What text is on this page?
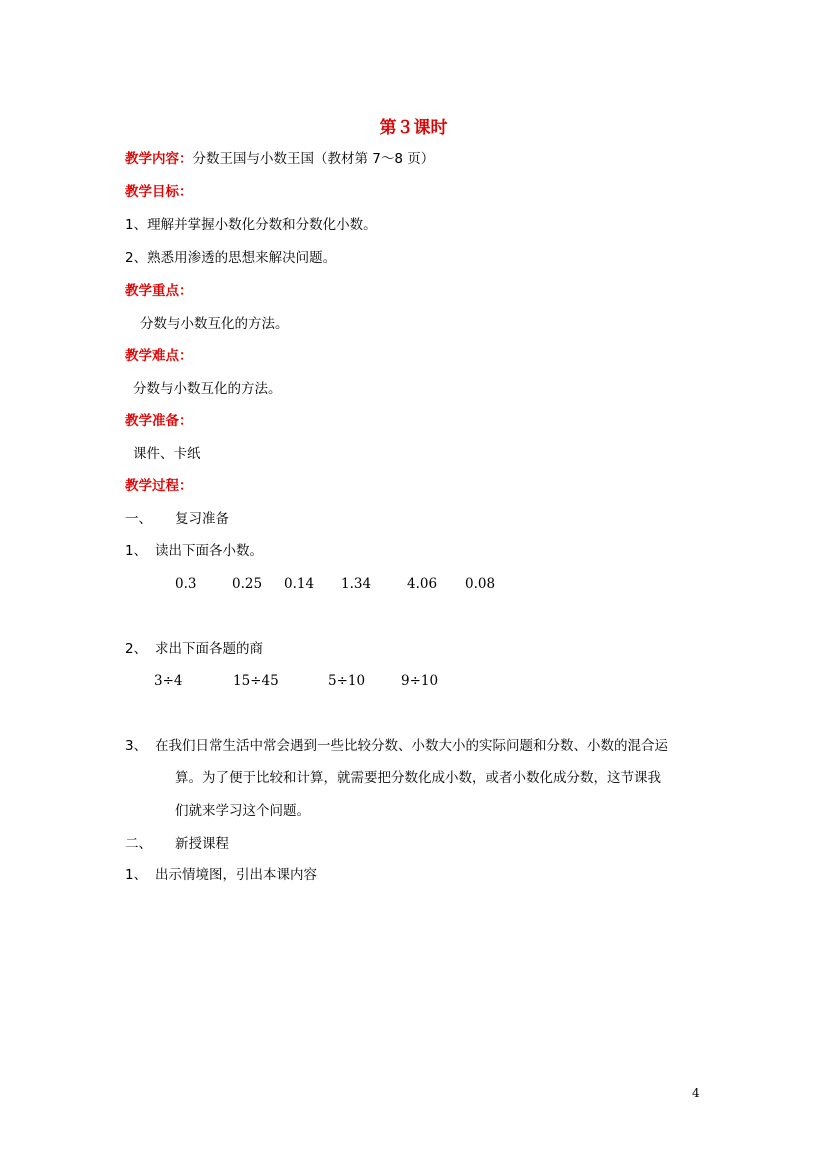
第３课时
教学内容：分数王国与小数王国（教材第 7～8 页）
教学目标：
1、理解并掌握小数化分数和分数化小数。
2、熟悉用渗透的思想来解决问题。
教学重点：
分数与小数互化的方法。
教学难点：
分数与小数互化的方法。
教学准备：
课件、卡纸
教学过程：
一、 复习准备
1、 读出下面各小数。
0.3	0.25 0.14 1.34	4.06 0.08
2、 求出下面各题的商
3÷4	15÷45	5÷10	9÷10
3、 在我们日常生活中常会遇到一些比较分数、小数大小的实际问题和分数、小数的混合运
算。为了便于比较和计算，就需要把分数化成小数，或者小数化成分数，这节课我
们就来学习这个问题。
二、 新授课程
1、 出示情境图，引出本课内容
4
